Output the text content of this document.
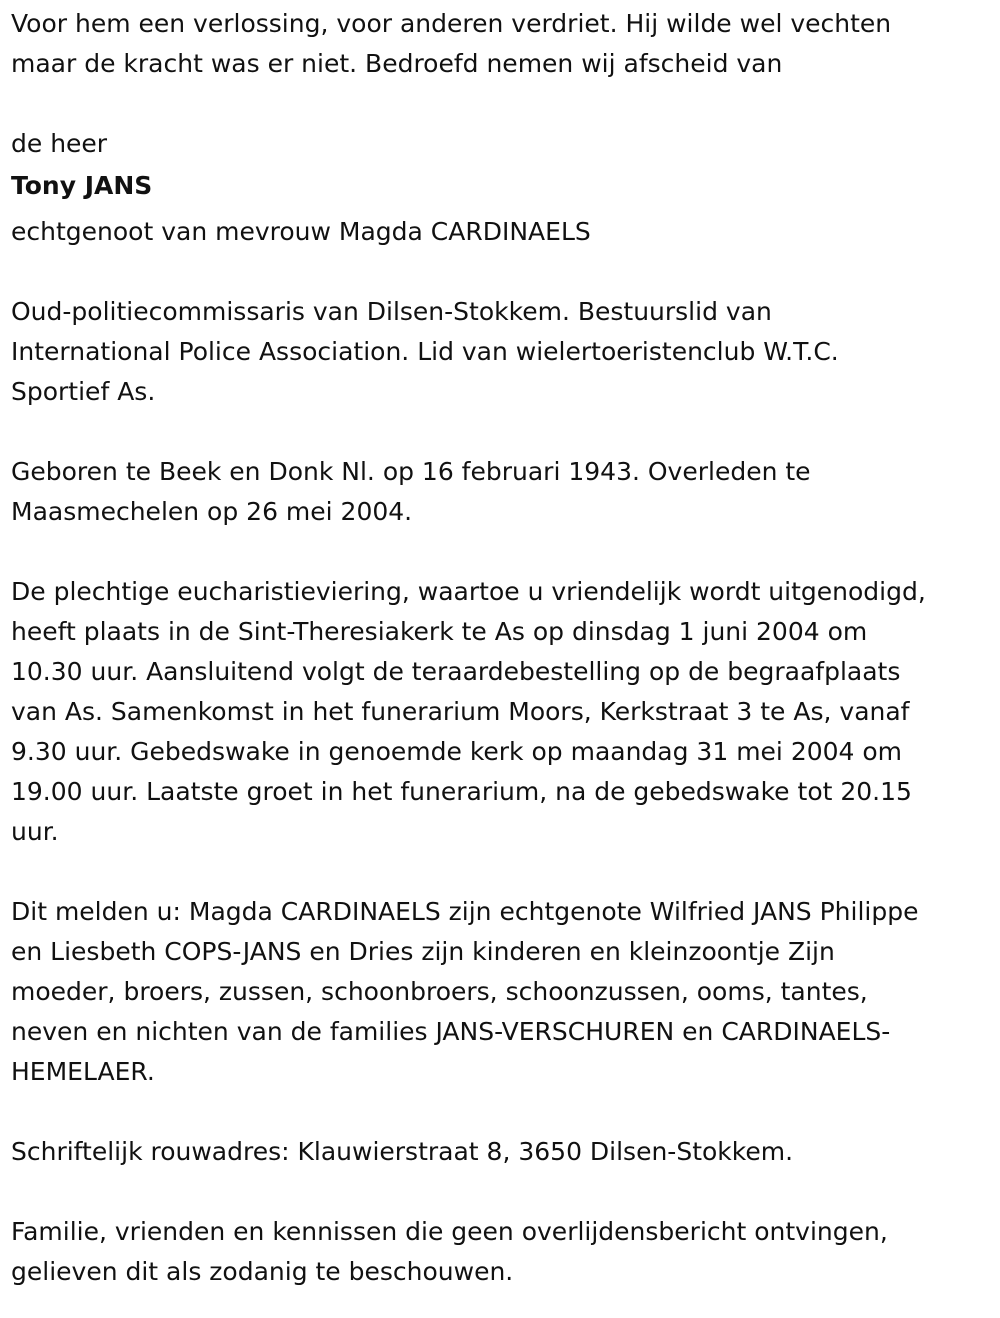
Voor hem een verlossing, voor anderen verdriet. Hij wilde wel vechten

maar de kracht was er niet. Bedroefd nemen wij afscheid van

de heer

Tony JANS

echtgenoot van mevrouw Magda CARDINAELS

Oud-politiecommissaris van Dilsen-Stokkem. Bestuurslid van

International Police Association. Lid van wielertoeristenclub W.T.C.

Sportief As.

Geboren te Beek en Donk Nl. op 16 februari 1943. Overleden te

Maasmechelen op 26 mei 2004.

De plechtige eucharistieviering, waartoe u vriendelijk wordt uitgenodigd,

heeft plaats in de Sint-Theresiakerk te As op dinsdag 1 juni 2004 om

10.30 uur. Aansluitend volgt de teraardebestelling op de begraafplaats

van As. Samenkomst in het funerarium Moors, Kerkstraat 3 te As, vanaf

9.30 uur. Gebedswake in genoemde kerk op maandag 31 mei 2004 om

19.00 uur. Laatste groet in het funerarium, na de gebedswake tot 20.15

uur.

Dit melden u: Magda CARDINAELS zijn echtgenote Wilfried JANS Philippe

en Liesbeth COPS-JANS en Dries zijn kinderen en kleinzoontje Zijn

moeder, broers, zussen, schoonbroers, schoonzussen, ooms, tantes,

neven en nichten van de families JANS-VERSCHUREN en CARDINAELS-

HEMELAER.

Schriftelijk rouwadres: Klauwierstraat 8, 3650 Dilsen-Stokkem.

Familie, vrienden en kennissen die geen overlijdensbericht ontvingen,

gelieven dit als zodanig te beschouwen.
